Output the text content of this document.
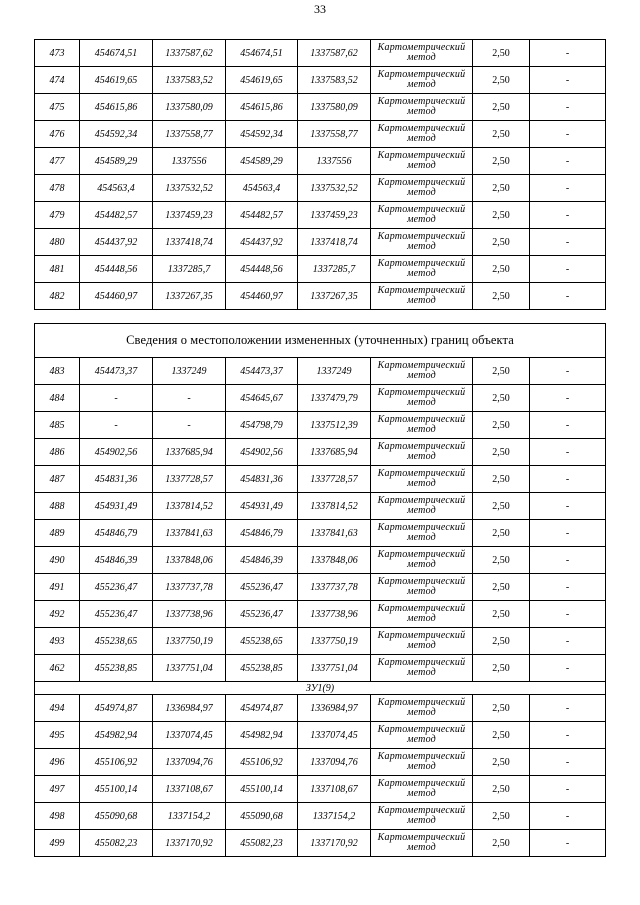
33
473	454674,51	1337587,62	454674,51	1337587,62	Картометрический метод	2,50	-
474	454619,65	1337583,52	454619,65	1337583,52	Картометрический метод	2,50	-
475	454615,86	1337580,09	454615,86	1337580,09	Картометрический метод	2,50	-
476	454592,34	1337558,77	454592,34	1337558,77	Картометрический метод	2,50	-
477	454589,29	1337556	454589,29	1337556	Картометрический метод	2,50	-
478	454563,4	1337532,52	454563,4	1337532,52	Картометрический метод	2,50	-
479	454482,57	1337459,23	454482,57	1337459,23	Картометрический метод	2,50	-
480	454437,92	1337418,74	454437,92	1337418,74	Картометрический метод	2,50	-
481	454448,56	1337285,7	454448,56	1337285,7	Картометрический метод	2,50	-
482	454460,97	1337267,35	454460,97	1337267,35	Картометрический метод	2,50	-
Сведения о местоположении измененных (уточненных) границ объекта							
483	454473,37	1337249	454473,37	1337249	Картометрический метод	2,50	-
484	-	-	454645,67	1337479,79	Картометрический метод	2,50	-
485	-	-	454798,79	1337512,39	Картометрический метод	2,50	-
486	454902,56	1337685,94	454902,56	1337685,94	Картометрический метод	2,50	-
487	454831,36	1337728,57	454831,36	1337728,57	Картометрический метод	2,50	-
488	454931,49	1337814,52	454931,49	1337814,52	Картометрический метод	2,50	-
489	454846,79	1337841,63	454846,79	1337841,63	Картометрический метод	2,50	-
490	454846,39	1337848,06	454846,39	1337848,06	Картометрический метод	2,50	-
491	455236,47	1337737,78	455236,47	1337737,78	Картометрический метод	2,50	-
492	455236,47	1337738,96	455236,47	1337738,96	Картометрический метод	2,50	-
493	455238,65	1337750,19	455238,65	1337750,19	Картометрический метод	2,50	-
462	455238,85	1337751,04	455238,85	1337751,04	Картометрический метод	2,50	-
ЗУ1(9)							
494	454974,87	1336984,97	454974,87	1336984,97	Картометрический метод	2,50	-
495	454982,94	1337074,45	454982,94	1337074,45	Картометрический метод	2,50	-
496	455106,92	1337094,76	455106,92	1337094,76	Картометрический метод	2,50	-
497	455100,14	1337108,67	455100,14	1337108,67	Картометрический метод	2,50	-
498	455090,68	1337154,2	455090,68	1337154,2	Картометрический метод	2,50	-
499	455082,23	1337170,92	455082,23	1337170,92	Картометрический метод	2,50	-
